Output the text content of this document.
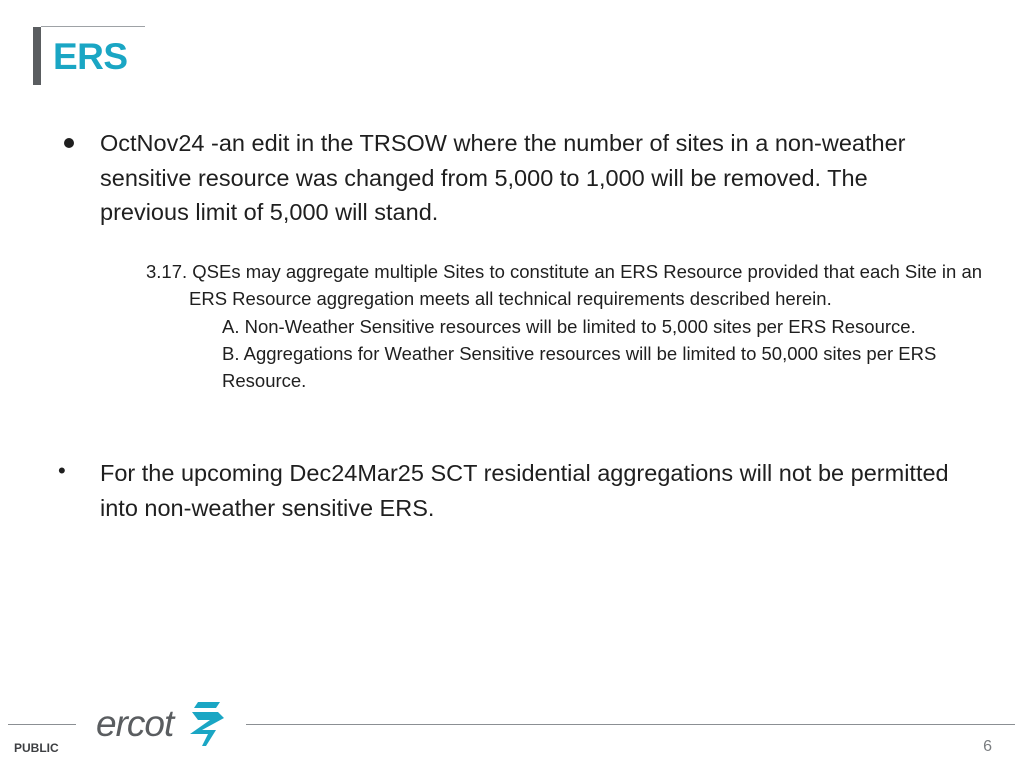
ERS

OctNov24 -an edit in the TRSOW where the number of sites in a non-weather sensitive resource was changed from 5,000 to 1,000 will be removed. The previous limit of 5,000 will stand.

3.17. QSEs may aggregate multiple Sites to constitute an ERS Resource provided that each Site in an ERS Resource aggregation meets all technical requirements described herein.

A. Non-Weather Sensitive resources will be limited to 5,000 sites per ERS Resource.

B. Aggregations for Weather Sensitive resources will be limited to 50,000 sites per ERS Resource.

• For the upcoming Dec24Mar25 SCT residential aggregations will not be permitted into non-weather sensitive ERS.

PUBLIC
ercot
6
